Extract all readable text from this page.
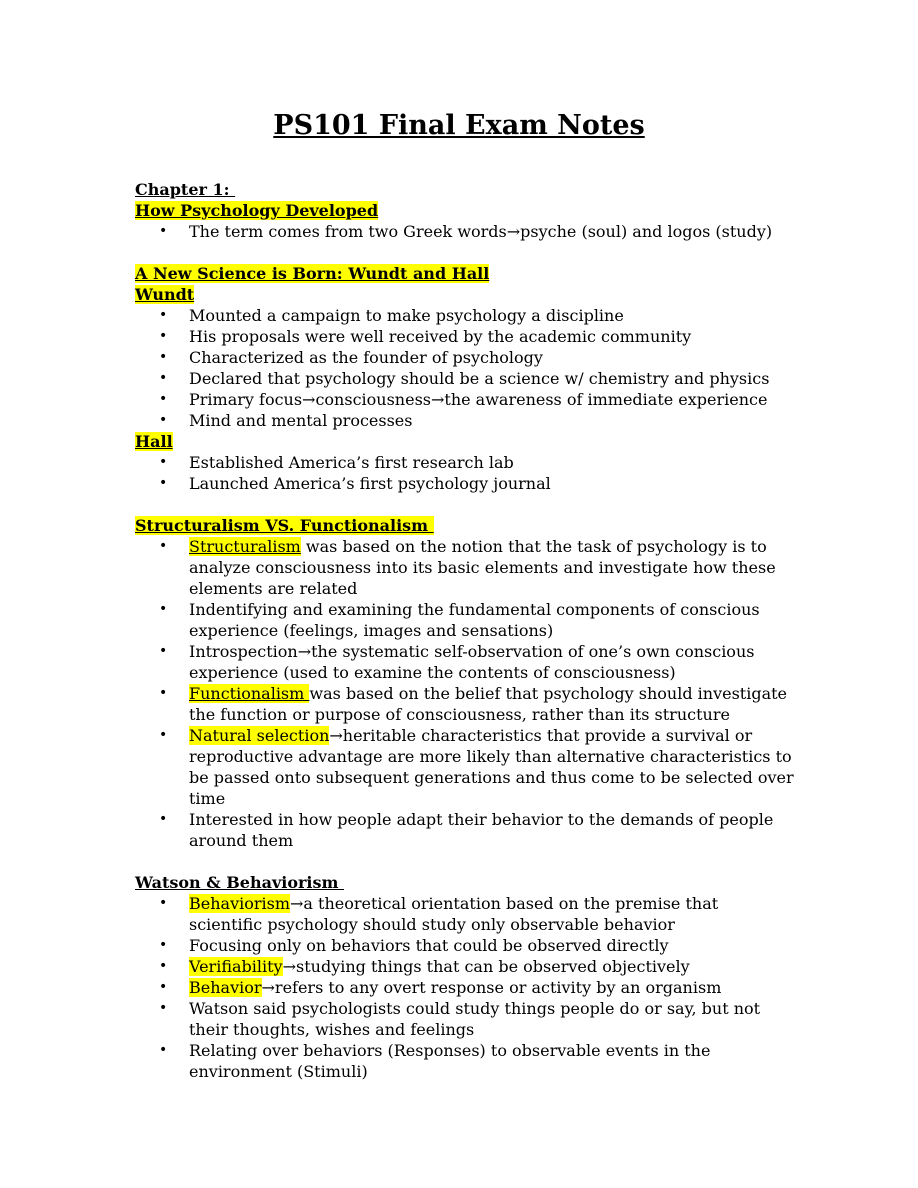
PS101 Final Exam Notes
Chapter 1:
How Psychology Developed
• The term comes from two Greek words→psyche (soul) and logos (study)
A New Science is Born: Wundt and Hall
Wundt
• Mounted a campaign to make psychology a discipline
• His proposals were well received by the academic community
• Characterized as the founder of psychology
• Declared that psychology should be a science w/ chemistry and physics
• Primary focus→consciousness→the awareness of immediate experience
• Mind and mental processes
Hall
• Established America’s first research lab
• Launched America’s first psychology journal
Structuralism VS. Functionalism
• Structuralism was based on the notion that the task of psychology is to analyze consciousness into its basic elements and investigate how these elements are related
• Indentifying and examining the fundamental components of conscious experience (feelings, images and sensations)
• Introspection→the systematic self-observation of one’s own conscious experience (used to examine the contents of consciousness)
• Functionalism was based on the belief that psychology should investigate the function or purpose of consciousness, rather than its structure
• Natural selection→heritable characteristics that provide a survival or reproductive advantage are more likely than alternative characteristics to be passed onto subsequent generations and thus come to be selected over time
• Interested in how people adapt their behavior to the demands of people around them
Watson & Behaviorism
• Behaviorism→a theoretical orientation based on the premise that scientific psychology should study only observable behavior
• Focusing only on behaviors that could be observed directly
• Verifiability→studying things that can be observed objectively
• Behavior→refers to any overt response or activity by an organism
• Watson said psychologists could study things people do or say, but not their thoughts, wishes and feelings
• Relating over behaviors (Responses) to observable events in the environment (Stimuli)
